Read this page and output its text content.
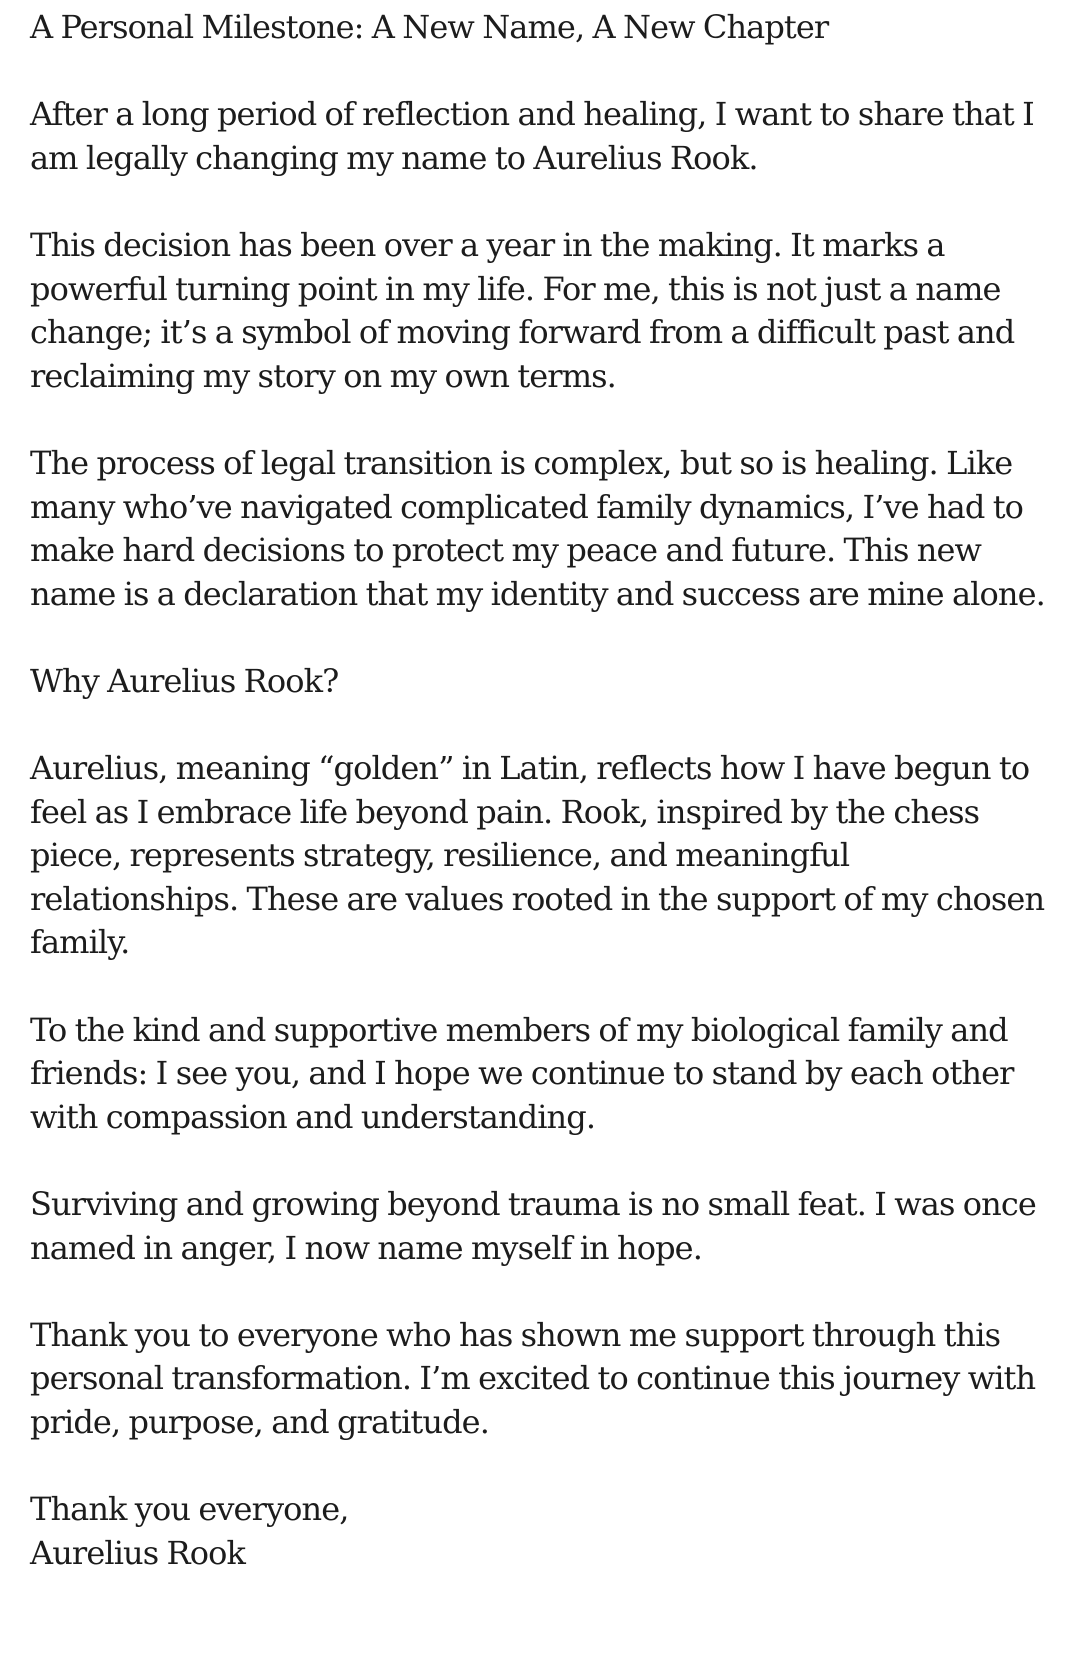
A Personal Milestone: A New Name, A New Chapter

After a long period of reflection and healing, I want to share that I am legally changing my name to Aurelius Rook.

This decision has been over a year in the making. It marks a powerful turning point in my life. For me, this is not just a name change; it’s a symbol of moving forward from a difficult past and reclaiming my story on my own terms.

The process of legal transition is complex, but so is healing. Like many who’ve navigated complicated family dynamics, I’ve had to make hard decisions to protect my peace and future. This new name is a declaration that my identity and success are mine alone.

Why Aurelius Rook?

Aurelius, meaning “golden” in Latin, reflects how I have begun to feel as I embrace life beyond pain. Rook, inspired by the chess piece, represents strategy, resilience, and meaningful relationships. These are values rooted in the support of my chosen family.

To the kind and supportive members of my biological family and friends: I see you, and I hope we continue to stand by each other with compassion and understanding.

Surviving and growing beyond trauma is no small feat. I was once named in anger, I now name myself in hope.

Thank you to everyone who has shown me support through this personal transformation. I’m excited to continue this journey with pride, purpose, and gratitude.

Thank you everyone,
Aurelius Rook
